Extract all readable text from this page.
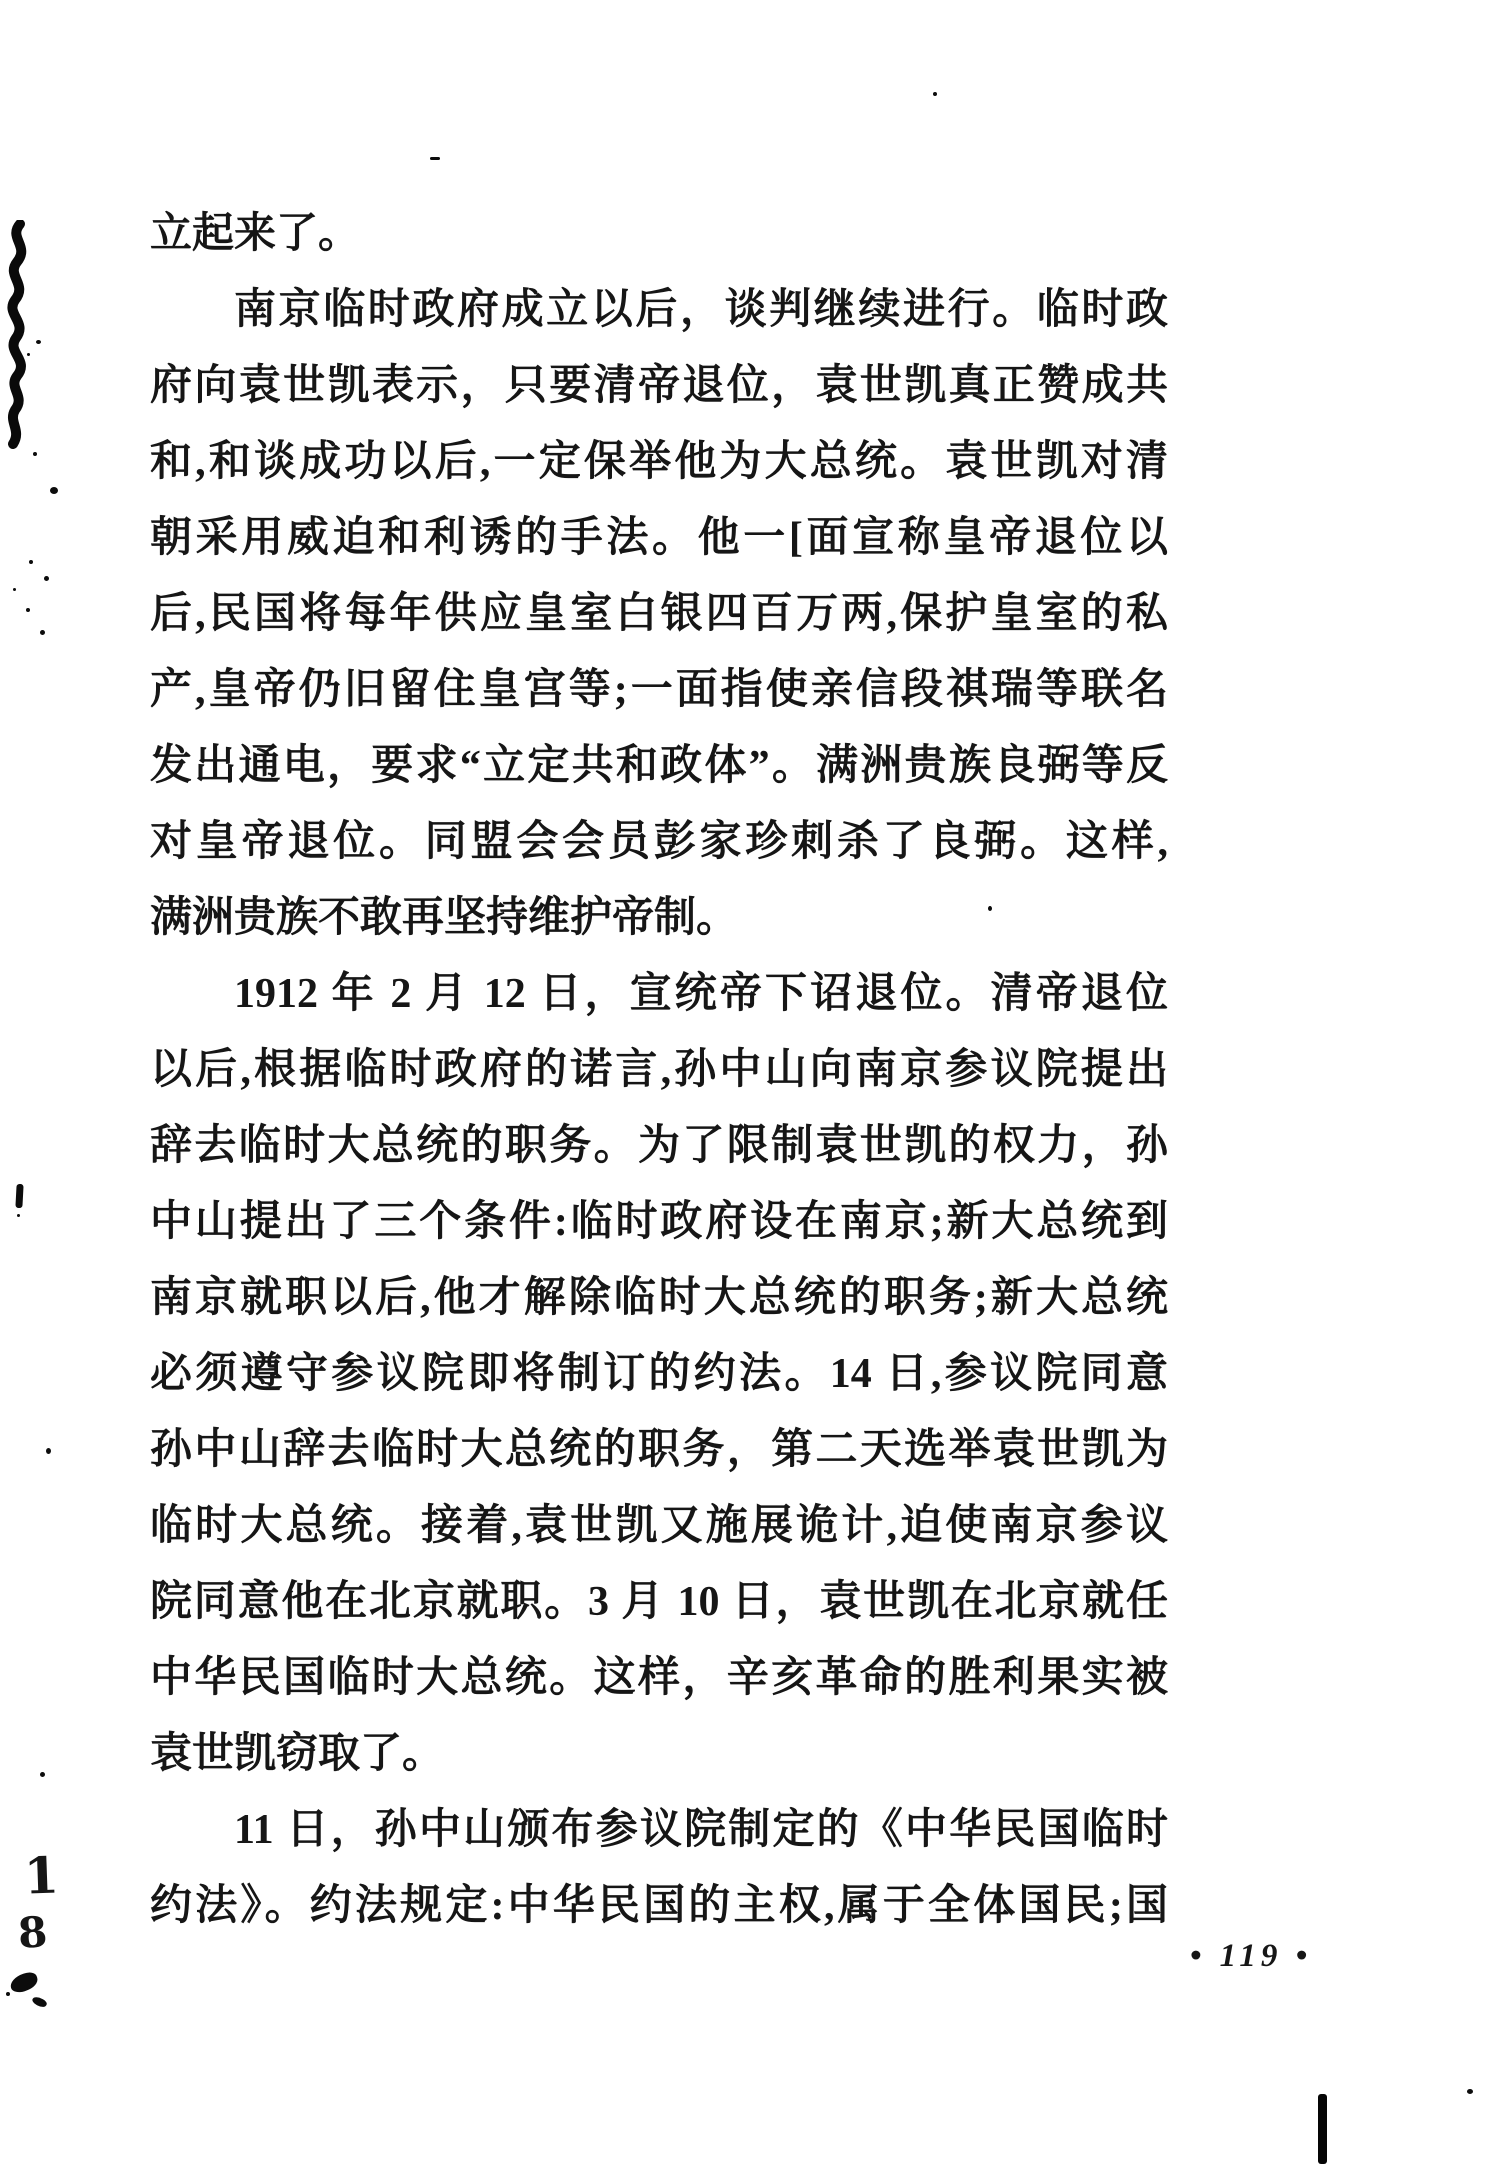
立起来了。
南京临时政府成立以后，谈判继续进行。临时政
府向袁世凯表示，只要清帝退位，袁世凯真正赞成共
和,和谈成功以后,一定保举他为大总统。袁世凯对清
朝采用威迫和利诱的手法。他一[面宣称皇帝退位以
后,民国将每年供应皇室白银四百万两,保护皇室的私
产,皇帝仍旧留住皇宫等;一面指使亲信段祺瑞等联名
发出通电，要求“立定共和政体”。满洲贵族良弼等反
对皇帝退位。同盟会会员彭家珍刺杀了良弼。这样,
满洲贵族不敢再坚持维护帝制。
1912 年 2 月 12 日，宣统帝下诏退位。清帝退位
以后,根据临时政府的诺言,孙中山向南京参议院提出
辞去临时大总统的职务。为了限制袁世凯的权力，孙
中山提出了三个条件:临时政府设在南京;新大总统到
南京就职以后,他才解除临时大总统的职务;新大总统
必须遵守参议院即将制订的约法。14 日,参议院同意
孙中山辞去临时大总统的职务，第二天选举袁世凯为
临时大总统。接着,袁世凯又施展诡计,迫使南京参议
院同意他在北京就职。3 月 10 日，袁世凯在北京就任
中华民国临时大总统。这样，辛亥革命的胜利果实被
袁世凯窃取了。
11 日，孙中山颁布参议院制定的《中华民国临时
约法》。约法规定:中华民国的主权,属于全体国民;国
1
8	• 119 •
